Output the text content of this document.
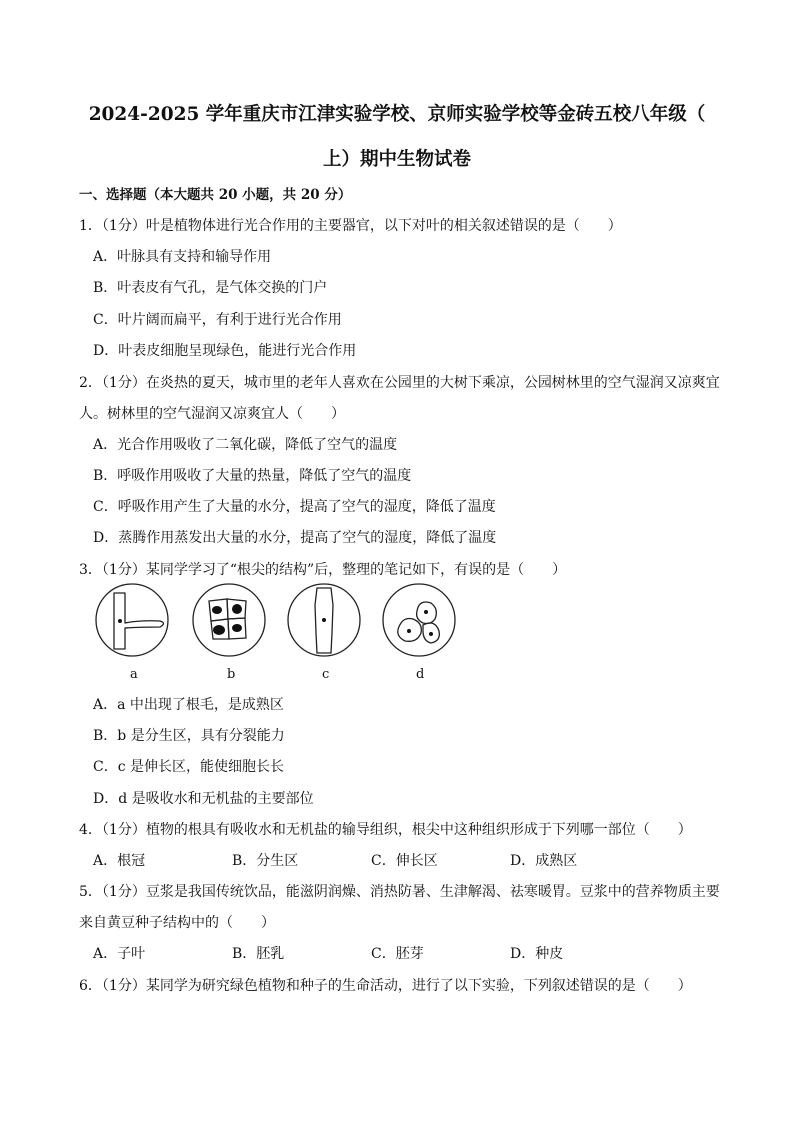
2024-2025 学年重庆市江津实验学校、京师实验学校等金砖五校八年级（
上）期中生物试卷
一、选择题（本大题共 20 小题，共 20 分）
1．（1分）叶是植物体进行光合作用的主要器官，以下对叶的相关叙述错误的是（　　）
A．叶脉具有支持和输导作用
B．叶表皮有气孔，是气体交换的门户
C．叶片阔而扁平，有利于进行光合作用
D．叶表皮细胞呈现绿色，能进行光合作用
2．（1分）在炎热的夏天，城市里的老年人喜欢在公园里的大树下乘凉，公园树林里的空气湿润又凉爽宜
人。树林里的空气湿润又凉爽宜人（　　）
A．光合作用吸收了二氧化碳，降低了空气的温度
B．呼吸作用吸收了大量的热量，降低了空气的温度
C．呼吸作用产生了大量的水分，提高了空气的湿度，降低了温度
D．蒸腾作用蒸发出大量的水分，提高了空气的湿度，降低了温度
3．（1分）某同学学习了“根尖的结构”后，整理的笔记如下，有误的是（　　）
a	b	c	d
A．a 中出现了根毛，是成熟区
B．b 是分生区，具有分裂能力
C．c 是伸长区，能使细胞长长
D．d 是吸收水和无机盐的主要部位
4．（1分）植物的根具有吸收水和无机盐的输导组织，根尖中这种组织形成于下列哪一部位（　　）
A．根冠	B．分生区	C．伸长区	D．成熟区
5．（1分）豆浆是我国传统饮品，能滋阴润燥、消热防暑、生津解渴、祛寒暖胃。豆浆中的营养物质主要
来自黄豆种子结构中的（　　）
A．子叶	B．胚乳	C．胚芽	D．种皮
6．（1分）某同学为研究绿色植物和种子的生命活动，进行了以下实验，下列叙述错误的是（　　）
